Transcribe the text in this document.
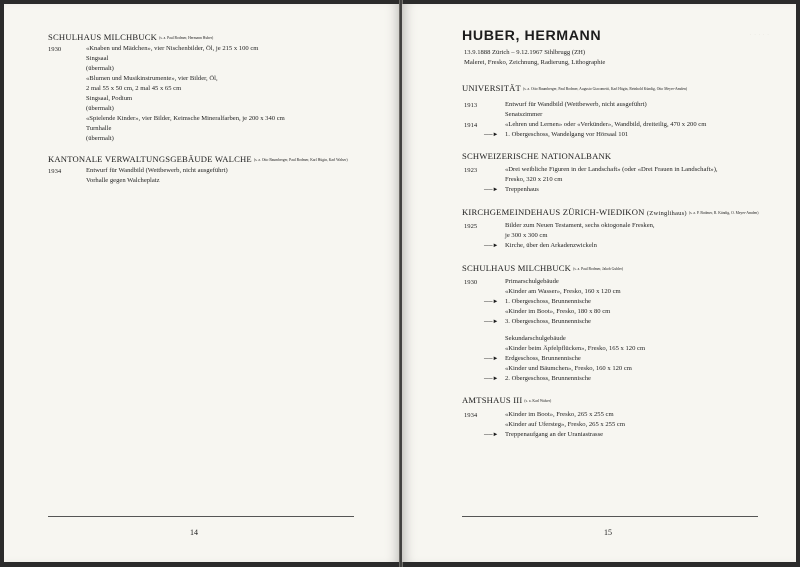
SCHULHAUS MILCHBUCK (s. a. Paul Bodmer, Hermann Huber)
1930	«Knaben und Mädchen», vier Nischenbilder, Öl, je 215 x 100 cm
Singsaal
(übermalt)
«Blumen und Musikinstrumente», vier Bilder, Öl,
2 mal 55 x 50 cm, 2 mal 45 x 65 cm
Singsaal, Podium
(übermalt)
«Spielende Kinder», vier Bilder, Keimsche Mineralfarben, je 200 x 340 cm
Turnhalle
(übermalt)
KANTONALE VERWALTUNGSGEBÄUDE WALCHE (s. a. Otto Baumberger, Paul Bodmer, Karl Hügin, Karl Walser)
1934	Entwurf für Wandbild (Wettbewerb, nicht ausgeführt)
Vorhalle gegen Walcheplatz
14
· · · · ·
HUBER, HERMANN
13.9.1888 Zürich – 9.12.1967 Sihlbrugg (ZH)
Malerei, Fresko, Zeichnung, Radierung, Lithographie
UNIVERSITÄT (s. a. Otto Baumberger, Paul Bodmer, Augusto Giacometti, Karl Hügin, Reinhold Kündig, Otto Meyer-Amden)
1913	Entwurf für Wandbild (Wettbewerb, nicht ausgeführt)
Senatszimmer
1914	«Lehren und Lernen» oder «Verkünder», Wandbild, dreiteilig, 470 x 200 cm
──► 1. Obergeschoss, Wandelgang vor Hörsaal 101
SCHWEIZERISCHE NATIONALBANK
1923	«Drei weibliche Figuren in der Landschaft» (oder «Drei Frauen in Landschaft»),
Fresko, 320 x 210 cm
──► Treppenhaus
KIRCHGEMEINDEHAUS ZÜRICH-WIEDIKON (Zwinglihaus) (s. a. P. Bodmer, R. Kündig, O. Meyer-Amden)
1925	Bilder zum Neuen Testament, sechs oktogonale Fresken,
je 300 x 300 cm
──► Kirche, über den Arkadenzwickeln
SCHULHAUS MILCHBUCK (s. a. Paul Bodmer, Jakob Gubler)
1930	Primarschulgebäude
«Kinder am Wasser», Fresko, 160 x 120 cm
──► 1. Obergeschoss, Brunnennische
«Kinder im Boot», Fresko, 180 x 80 cm
──► 3. Obergeschoss, Brunnennische
Sekundarschulgebäude
«Kinder beim Äpfelpflücken», Fresko, 165 x 120 cm
──► Erdgeschoss, Brunnennische
«Kinder und Bäumchen», Fresko, 160 x 120 cm
──► 2. Obergeschoss, Brunnennische
AMTSHAUS III (s. a. Karl Walser)
1934	«Kinder im Boot», Fresko, 265 x 255 cm
«Kinder auf Ufersteg», Fresko, 265 x 255 cm
──► Treppenaufgang an der Uraniastrasse
15
